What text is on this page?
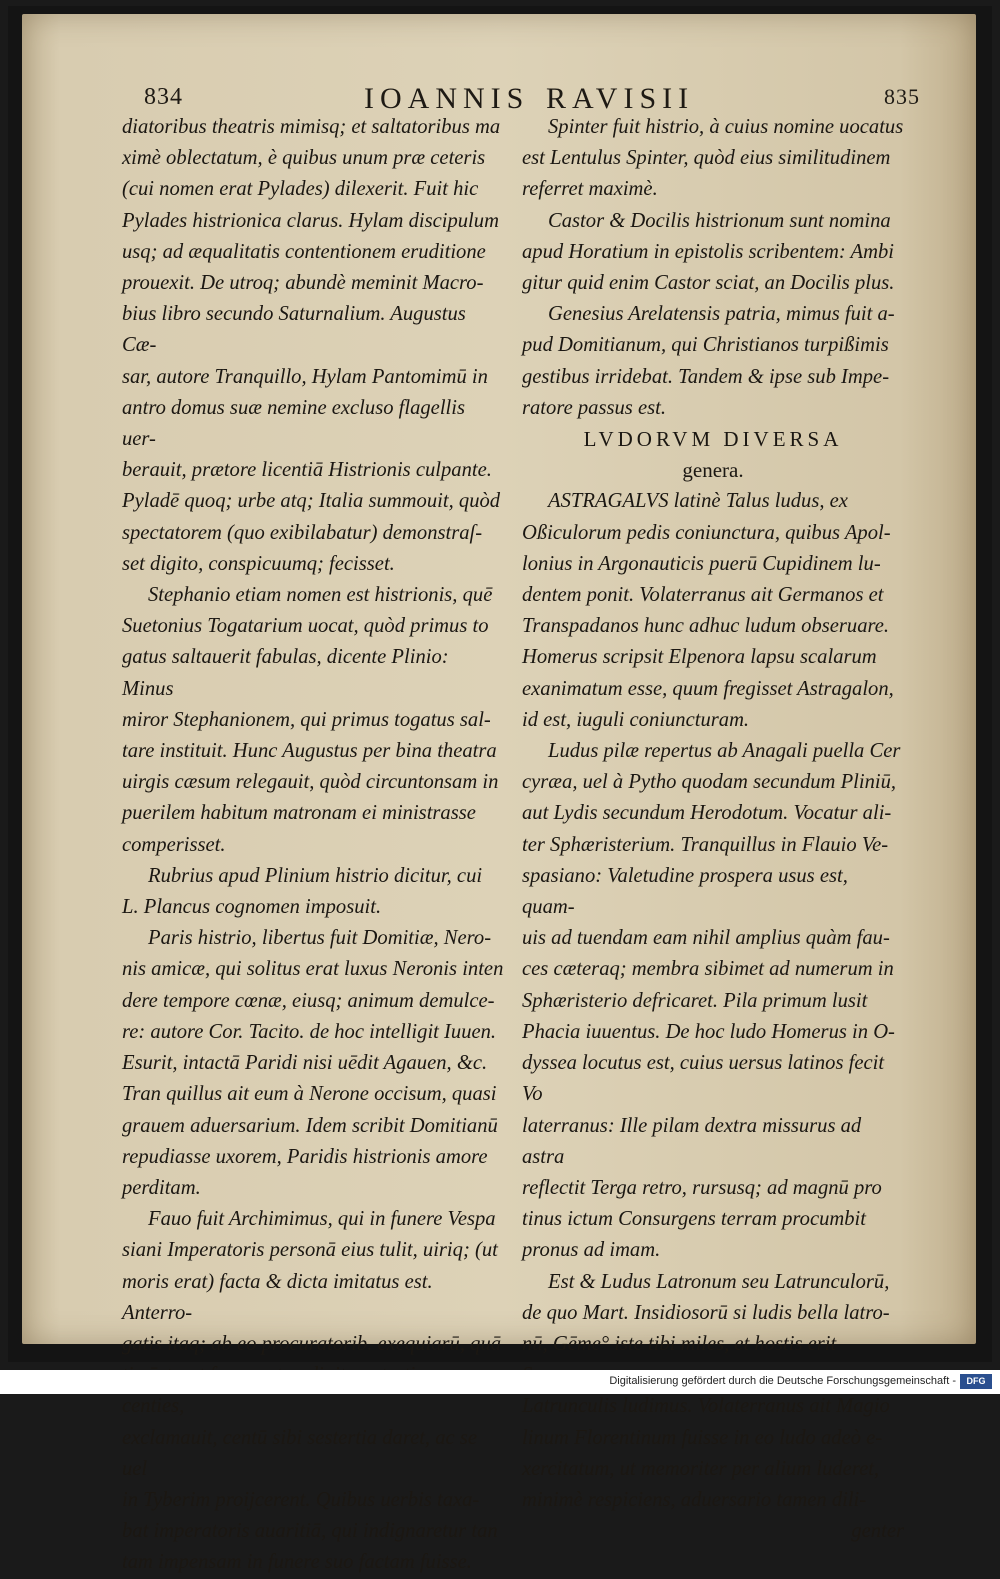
834	IOANNIS RAVISII	835

diatoribus theatris mimisq; et saltatoribus ma
ximè oblectatum, è quibus unum præ ceteris
(cui nomen erat Pylades) dilexerit. Fuit hic
Pylades histrionica clarus. Hylam discipulum
usq; ad æqualitatis contentionem eruditione
prouexit. De utroq; abundè meminit Macro-
bius libro secundo Saturnalium. Augustus Cæ-
sar, autore Tranquillo, Hylam Pantomimū in
antro domus suæ nemine excluso flagellis uer-
berauit, prætore licentiā Histrionis culpante.
Pyladē quoq; urbe atq; Italia summouit, quòd
spectatorem (quo exibilabatur) demonstraſ-
set digito, conspicuumq; fecisset.

Stephanio etiam nomen est histrionis, quē
Suetonius Togatarium uocat, quòd primus to
gatus saltauerit fabulas, dicente Plinio: Minus
miror Stephanionem, qui primus togatus sal-
tare instituit. Hunc Augustus per bina theatra
uirgis cæsum relegauit, quòd circuntonsam in
puerilem habitum matronam ei ministrasse
comperisset.

Rubrius apud Plinium histrio dicitur, cui
L. Plancus cognomen imposuit.

Paris histrio, libertus fuit Domitiæ, Nero-
nis amicæ, qui solitus erat luxus Neronis inten
dere tempore cœnæ, eiusq; animum demulce-
re: autore Cor. Tacito. de hoc intelligit Iuuen.
Esurit, intactā Paridi nisi uēdit Agauen, &c.
Tran quillus ait eum à Nerone occisum, quasi
grauem aduersarium. Idem scribit Domitianū
repudiasse uxorem, Paridis histrionis amore
perditam.

Fauo fuit Archimimus, qui in funere Vespa
siani Imperatoris personā eius tulit, uiriq; (ut
moris erat) facta & dicta imitatus est. Anterro-
gatis itaq; ab eo procuratorib. exequiarū, quā
centies,
exclamauit, centū sibi sestertia daret, ac se uel
in Tyberim proijcerent. Quibus uerbis taxa-
bat imperatoris auaritiā, qui indignaretur tan
tam impensam in funere suo factam fuisse.

Spinter fuit histrio, à cuius nomine uocatus
est Lentulus Spinter, quòd eius similitudinem
referret maximè.

Castor & Docilis histrionum sunt nomina
apud Horatium in epistolis scribentem: Ambi
gitur quid enim Castor sciat, an Docilis plus.

Genesius Arelatensis patria, mimus fuit a-
pud Domitianum, qui Christianos turpißimis
gestibus irridebat. Tandem & ipse sub Impe-
ratore passus est.

LVDORVM DIVERSA

genera.

ASTRAGALVS latinè Talus ludus, ex
Oßiculorum pedis coniunctura, quibus Apol-
lonius in Argonauticis puerū Cupidinem lu-
dentem ponit. Volaterranus ait Germanos et
Transpadanos hunc adhuc ludum obseruare.
Homerus scripsit Elpenora lapsu scalarum
exanimatum esse, quum fregisset Astragalon,
id est, iuguli coniuncturam.

Ludus pilæ repertus ab Anagali puella Cer
cyræa, uel à Pytho quodam secundum Pliniū,
aut Lydis secundum Herodotum. Vocatur ali-
ter Sphæristerium. Tranquillus in Flauio Ve-
spasiano: Valetudine prospera usus est, quam-
uis ad tuendam eam nihil amplius quàm fau-
ces cæteraq; membra sibimet ad numerum in
Sphæristerio defricaret. Pila primum lusit
Phacia iuuentus. De hoc ludo Homerus in O-
dyssea locutus est, cuius uersus latinos fecit Vo
laterranus: Ille pilam dextra missurus ad astra
reflectit Terga retro, rursusq; ad magnū pro
tinus ictum Consurgens terram procumbit
pronus ad imam.

Est & Ludus Latronum seu Latrunculorū,
de quo Mart. Insidiosorū si ludis bella latro-
nū, Gēme° iste tibi miles, et hostis erit
Latrunculis ludimus. Volaterranus ait Magio
linum Florentinum fuisse in eo ludo adeò e-
xercitatum, ut memoriter per alium luderet,
minimè respiciens, aduersario tamen dili-

genter

Digitalisierung gefördert durch die Deutsche Forschungsgemeinschaft -	DFG
